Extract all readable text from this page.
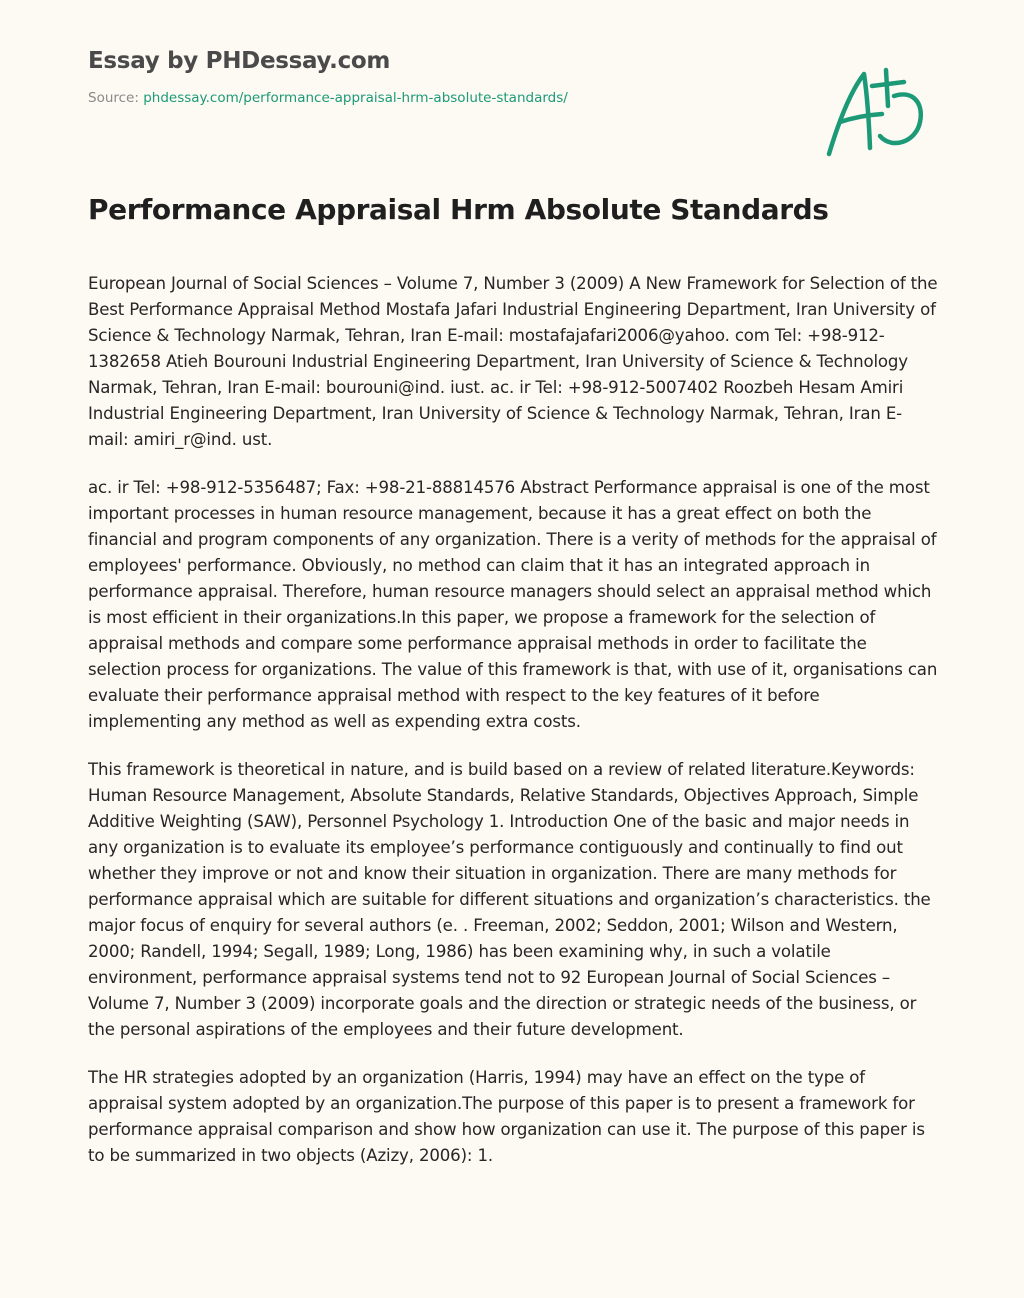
Essay by PHDessay.com
Source: phdessay.com/performance-appraisal-hrm-absolute-standards/
Performance Appraisal Hrm Absolute Standards

European Journal of Social Sciences – Volume 7, Number 3 (2009) A New Framework for Selection of the Best Performance Appraisal Method Mostafa Jafari Industrial Engineering Department, Iran University of Science & Technology Narmak, Tehran, Iran E-mail: mostafajafari2006@yahoo. com Tel: +98-912-1382658 Atieh Bourouni Industrial Engineering Department, Iran University of Science & Technology Narmak, Tehran, Iran E-mail: bourouni@ind. iust. ac. ir Tel: +98-912-5007402 Roozbeh Hesam Amiri Industrial Engineering Department, Iran University of Science & Technology Narmak, Tehran, Iran E-mail: amiri_r@ind. ust.

ac. ir Tel: +98-912-5356487; Fax: +98-21-88814576 Abstract Performance appraisal is one of the most important processes in human resource management, because it has a great effect on both the financial and program components of any organization. There is a verity of methods for the appraisal of employees' performance. Obviously, no method can claim that it has an integrated approach in performance appraisal. Therefore, human resource managers should select an appraisal method which is most efficient in their organizations.In this paper, we propose a framework for the selection of appraisal methods and compare some performance appraisal methods in order to facilitate the selection process for organizations. The value of this framework is that, with use of it, organisations can evaluate their performance appraisal method with respect to the key features of it before implementing any method as well as expending extra costs.

This framework is theoretical in nature, and is build based on a review of related literature.Keywords: Human Resource Management, Absolute Standards, Relative Standards, Objectives Approach, Simple Additive Weighting (SAW), Personnel Psychology 1. Introduction One of the basic and major needs in any organization is to evaluate its employee’s performance contiguously and continually to find out whether they improve or not and know their situation in organization. There are many methods for performance appraisal which are suitable for different situations and organization’s characteristics. the major focus of enquiry for several authors (e. . Freeman, 2002; Seddon, 2001; Wilson and Western, 2000; Randell, 1994; Segall, 1989; Long, 1986) has been examining why, in such a volatile environment, performance appraisal systems tend not to 92 European Journal of Social Sciences – Volume 7, Number 3 (2009) incorporate goals and the direction or strategic needs of the business, or the personal aspirations of the employees and their future development.

The HR strategies adopted by an organization (Harris, 1994) may have an effect on the type of appraisal system adopted by an organization.The purpose of this paper is to present a framework for performance appraisal comparison and show how organization can use it. The purpose of this paper is to be summarized in two objects (Azizy, 2006): 1.
